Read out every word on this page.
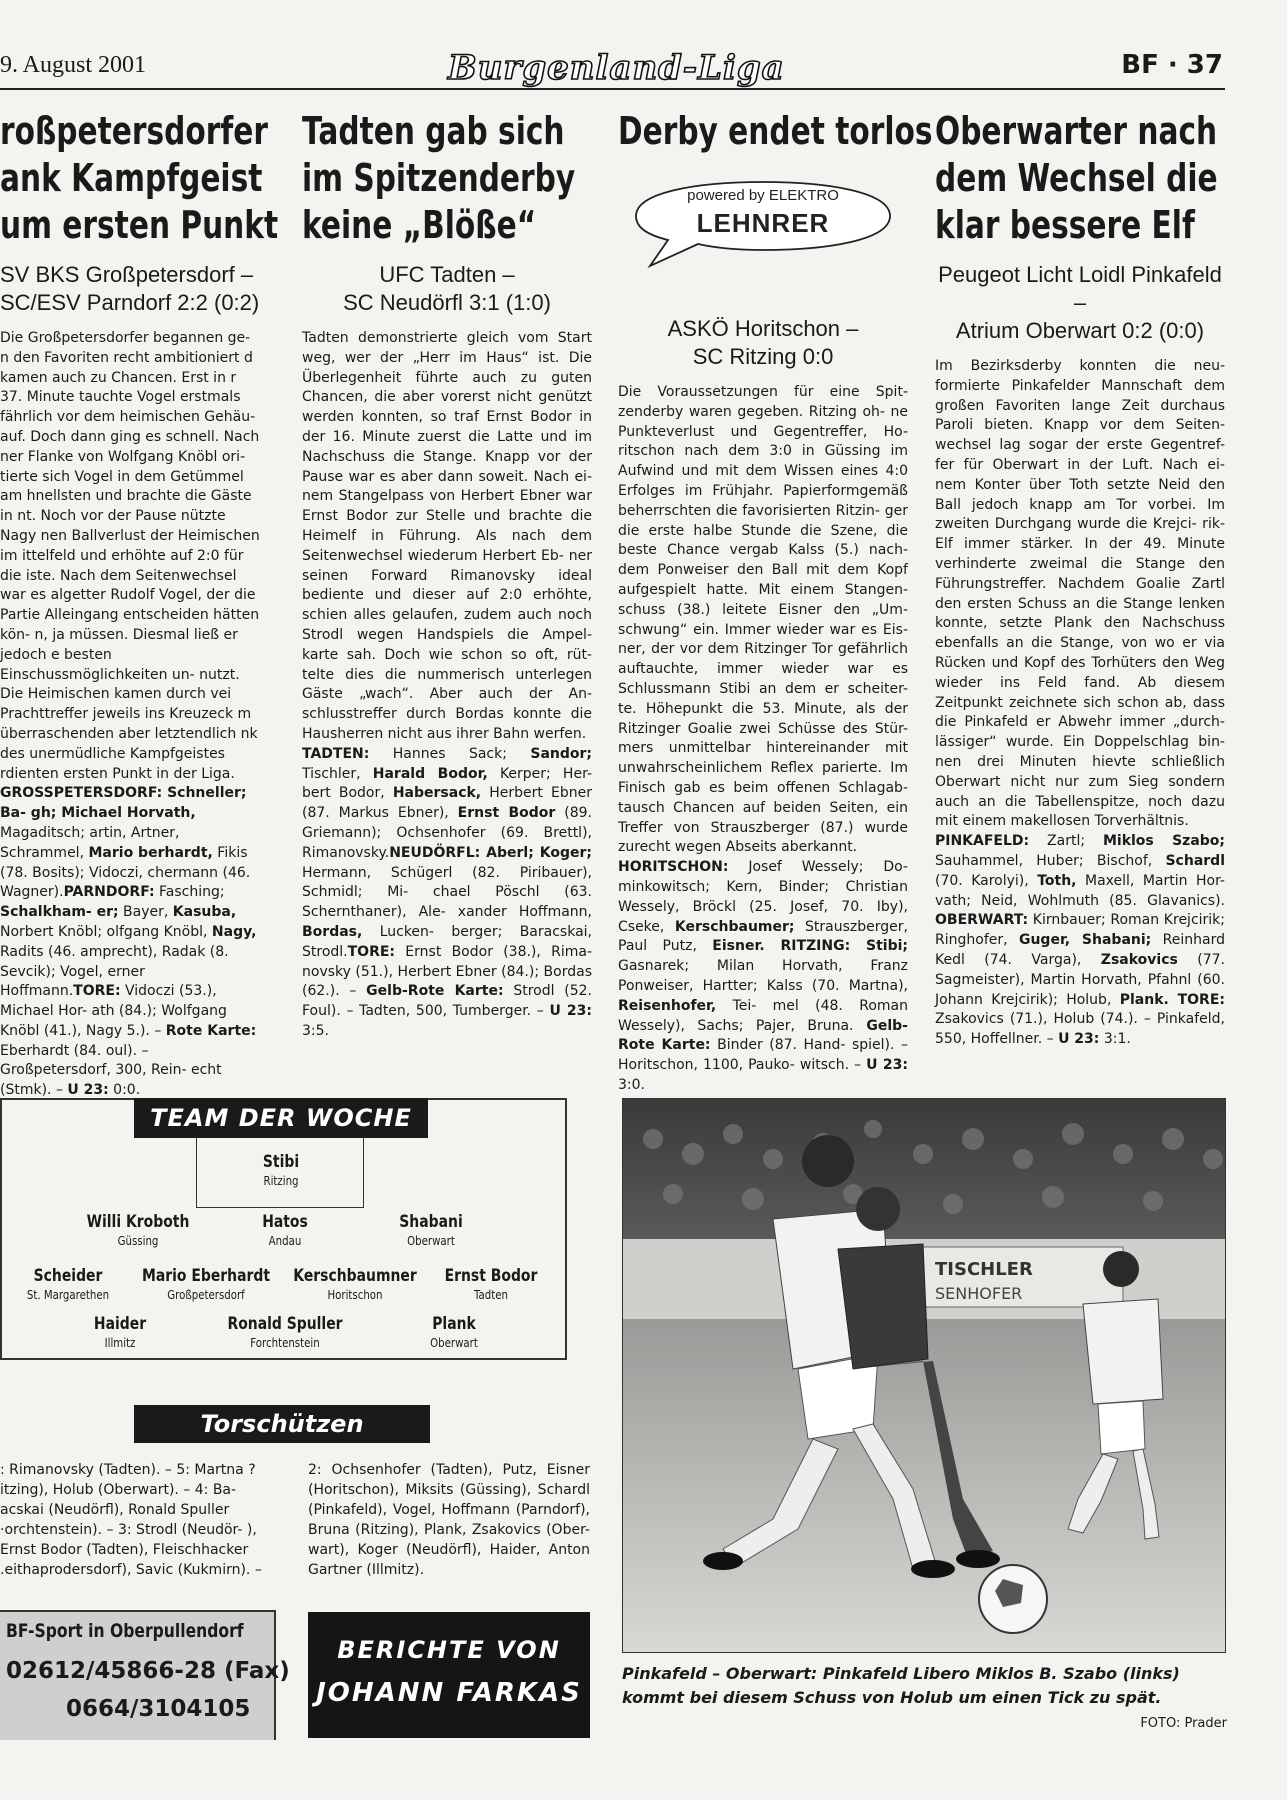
9. August 2001	Burgenland-Liga	BF · 37
roßpetersdorfer
ank Kampfgeist
um ersten Punkt
SV BKS Großpetersdorf –
SC/ESV Parndorf 2:2 (0:2)
Die Großpetersdorfer begannen ge- n den Favoriten recht ambitioniert d kamen auch zu Chancen. Erst in r 37. Minute tauchte Vogel erstmals fährlich vor dem heimischen Gehäu- auf. Doch dann ging es schnell. Nach ner Flanke von Wolfgang Knöbl ori- tierte sich Vogel in dem Getümmel am hnellsten und brachte die Gäste in nt. Noch vor der Pause nützte Nagy nen Ballverlust der Heimischen im ittelfeld und erhöhte auf 2:0 für die iste. Nach dem Seitenwechsel war es algetter Rudolf Vogel, der die Partie Alleingang entscheiden hätten kön- n, ja müssen. Diesmal ließ er jedoch e besten Einschussmöglichkeiten un- nutzt. Die Heimischen kamen durch vei Prachttreffer jeweils ins Kreuzeck m überraschenden aber letztendlich nk des unermüdliche Kampfgeistes rdienten ersten Punkt in der Liga.
GROSSPETERSDORF: Schneller; Ba- gh; Michael Horvath, Magaditsch; artin, Artner, Schrammel, Mario berhardt, Fikis (78. Bosits); Vidoczi, chermann (46. Wagner).PARNDORF: Fasching; Schalkham- er; Bayer, Kasuba, Norbert Knöbl; olfgang Knöbl, Nagy, Radits (46. amprecht), Radak (8. Sevcik); Vogel, erner Hoffmann.TORE: Vidoczi (53.), Michael Hor- ath (84.); Wolfgang Knöbl (41.), Nagy 5.). – Rote Karte: Eberhardt (84. oul). – Großpetersdorf, 300, Rein- echt (Stmk). – U 23: 0:0.
Tadten gab sich
im Spitzenderby
keine „Blöße“
UFC Tadten –
SC Neudörfl 3:1 (1:0)
Tadten demonstrierte gleich vom Start weg, wer der „Herr im Haus“ ist. Die Überlegenheit führte auch zu guten Chancen, die aber vorerst nicht genützt werden konnten, so traf Ernst Bodor in der 16. Minute zuerst die Latte und im Nachschuss die Stange. Knapp vor der Pause war es aber dann soweit. Nach ei- nem Stangelpass von Herbert Ebner war Ernst Bodor zur Stelle und brachte die Heimelf in Führung. Als nach dem Seitenwechsel wiederum Herbert Eb- ner seinen Forward Rimanovsky ideal bediente und dieser auf 2:0 erhöhte, schien alles gelaufen, zudem auch noch Strodl wegen Handspiels die Ampel- karte sah. Doch wie schon so oft, rüt- telte dies die nummerisch unterlegen Gäste „wach“. Aber auch der An- schlusstreffer durch Bordas konnte die Hausherren nicht aus ihrer Bahn werfen.
TADTEN: Hannes Sack; Sandor; Tischler, Harald Bodor, Kerper; Her- bert Bodor, Habersack, Herbert Ebner (87. Markus Ebner), Ernst Bodor (89. Griemann); Ochsenhofer (69. Brettl), Rimanovsky.NEUDÖRFL: Aberl; Koger; Hermann, Schügerl (82. Piribauer), Schmidl; Mi- chael Pöschl (63. Schernthaner), Ale- xander Hoffmann, Bordas, Lucken- berger; Baracskai, Strodl.TORE: Ernst Bodor (38.), Rima- novsky (51.), Herbert Ebner (84.); Bordas (62.). – Gelb-Rote Karte: Strodl (52. Foul). – Tadten, 500, Tumberger. – U 23: 3:5.
Derby endet torlos
ASKÖ Horitschon –
SC Ritzing 0:0
Die Voraussetzungen für eine Spit- zenderby waren gegeben. Ritzing oh- ne Punkteverlust und Gegentreffer, Ho- ritschon nach dem 3:0 in Güssing im Aufwind und mit dem Wissen eines 4:0 Erfolges im Frühjahr. Papierformgemäß beherrschten die favorisierten Ritzin- ger die erste halbe Stunde die Szene, die beste Chance vergab Kalss (5.) nach- dem Ponweiser den Ball mit dem Kopf aufgespielt hatte. Mit einem Stangen- schuss (38.) leitete Eisner den „Um- schwung“ ein. Immer wieder war es Eis- ner, der vor dem Ritzinger Tor gefährlich auftauchte, immer wieder war es Schlussmann Stibi an dem er scheiter- te. Höhepunkt die 53. Minute, als der Ritzinger Goalie zwei Schüsse des Stür- mers unmittelbar hintereinander mit unwahrscheinlichem Reflex parierte. Im Finisch gab es beim offenen Schlagab- tausch Chancen auf beiden Seiten, ein Treffer von Strauszberger (87.) wurde zurecht wegen Abseits aberkannt.
HORITSCHON: Josef Wessely; Do- minkowitsch; Kern, Binder; Christian Wessely, Bröckl (25. Josef, 70. Iby), Cseke, Kerschbaumer; Strauszberger, Paul Putz, Eisner. RITZING: Stibi; Gasnarek; Milan Horvath, Franz Ponweiser, Hartter; Kalss (70. Martna), Reisenhofer, Tei- mel (48. Roman Wessely), Sachs; Pajer, Bruna. Gelb-Rote Karte: Binder (87. Hand- spiel). – Horitschon, 1100, Pauko- witsch. – U 23: 3:0.
powered by ELEKTRO
LEHNRER
Oberwarter nach
dem Wechsel die
klar bessere Elf
Peugeot Licht Loidl Pinkafeld –
Atrium Oberwart 0:2 (0:0)
Im Bezirksderby konnten die neu- formierte Pinkafelder Mannschaft dem großen Favoriten lange Zeit durchaus Paroli bieten. Knapp vor dem Seiten- wechsel lag sogar der erste Gegentref- fer für Oberwart in der Luft. Nach ei- nem Konter über Toth setzte Neid den Ball jedoch knapp am Tor vorbei. Im zweiten Durchgang wurde die Krejci- rik-Elf immer stärker. In der 49. Minute verhinderte zweimal die Stange den Führungstreffer. Nachdem Goalie Zartl den ersten Schuss an die Stange lenken konnte, setzte Plank den Nachschuss ebenfalls an die Stange, von wo er via Rücken und Kopf des Torhüters den Weg wieder ins Feld fand. Ab diesem Zeitpunkt zeichnete sich schon ab, dass die Pinkafeld er Abwehr immer „durch- lässiger“ wurde. Ein Doppelschlag bin- nen drei Minuten hievte schließlich Oberwart nicht nur zum Sieg sondern auch an die Tabellenspitze, noch dazu mit einem makellosen Torverhältnis.
PINKAFELD: Zartl; Miklos Szabo; Sauhammel, Huber; Bischof, Schardl (70. Karolyi), Toth, Maxell, Martin Hor- vath; Neid, Wohlmuth (85. Glavanics). OBERWART: Kirnbauer; Roman Krejcirik; Ringhofer, Guger, Shabani; Reinhard Kedl (74. Varga), Zsakovics (77. Sagmeister), Martin Horvath, Pfahnl (60. Johann Krejcirik); Holub, Plank. TORE: Zsakovics (71.), Holub (74.). – Pinkafeld, 550, Hoffellner. – U 23: 3:1.
TEAM DER WOCHE
Stibi
Ritzing
Willi Kroboth
Güssing
Hatos
Andau
Shabani
Oberwart
Scheider
St. Margarethen
Mario Eberhardt
Großpetersdorf
Kerschbaumner
Horitschon
Ernst Bodor
Tadten
Haider
Illmitz
Ronald Spuller
Forchtenstein
Plank
Oberwart
Torschützen
: Rimanovsky (Tadten). – 5: Martna ?itzing), Holub (Oberwart). – 4: Ba- acskai (Neudörfl), Ronald Spuller ·orchtenstein). – 3: Strodl (Neudör- ), Ernst Bodor (Tadten), Fleischhacker .eithaprodersdorf), Savic (Kukmirn). –
2: Ochsenhofer (Tadten), Putz, Eisner (Horitschon), Miksits (Güssing), Schardl (Pinkafeld), Vogel, Hoffmann (Parndorf), Bruna (Ritzing), Plank, Zsakovics (Ober- wart), Koger (Neudörfl), Haider, Anton Gartner (Illmitz).
BF-Sport in Oberpullendorf
02612/45866-28 (Fax)
0664/3104105
BERICHTE VON
JOHANN FARKAS
TISCHLER
SENHOFER
Pinkafeld – Oberwart: Pinkafeld Libero Miklos B. Szabo (links) kommt bei diesem Schuss von Holub um einen Tick zu spät.
FOTO: Prader
